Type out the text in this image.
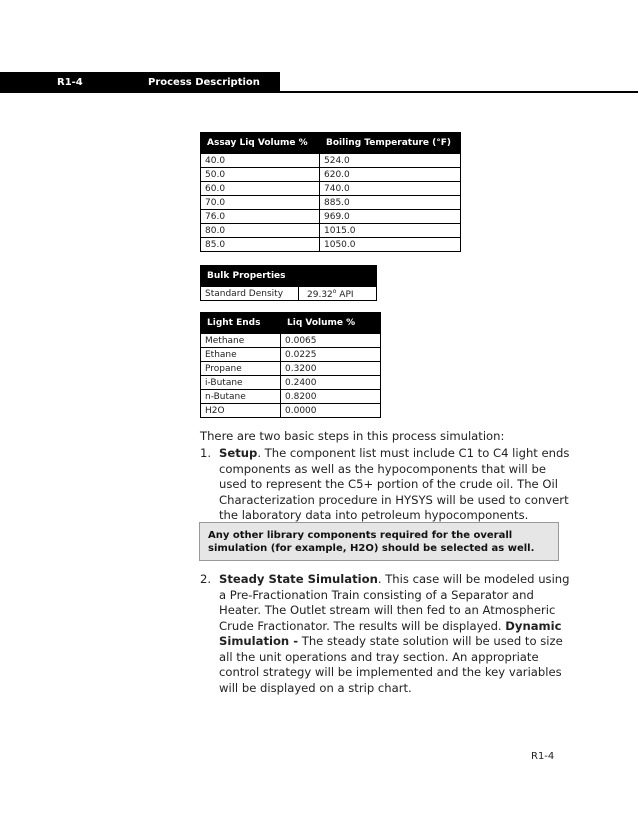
R1-4	Process Description
Assay Liq Volume %	Boiling Temperature (°F)
40.0	524.0
50.0	620.0
60.0	740.0
70.0	885.0
76.0	969.0
80.0	1015.0
85.0	1050.0
Bulk Properties
Standard Density	29.32$^o$ API
Light Ends	Liq Volume %
Methane	0.0065
Ethane	0.0225
Propane	0.3200
i-Butane	0.2400
n-Butane	0.8200
H2O	0.0000
There are two basic steps in this process simulation:
1. Setup. The component list must include C1 to C4 light ends components as well as the hypocomponents that will be used to represent the C5+ portion of the crude oil. The Oil Characterization procedure in HYSYS will be used to convert the laboratory data into petroleum hypocomponents.
Any other library components required for the overall simulation (for example, H2O) should be selected as well.
2. Steady State Simulation. This case will be modeled using a Pre-Fractionation Train consisting of a Separator and Heater. The Outlet stream will then fed to an Atmospheric Crude Fractionator. The results will be displayed. Dynamic Simulation - The steady state solution will be used to size all the unit operations and tray section. An appropriate control strategy will be implemented and the key variables will be displayed on a strip chart.
R1-4
